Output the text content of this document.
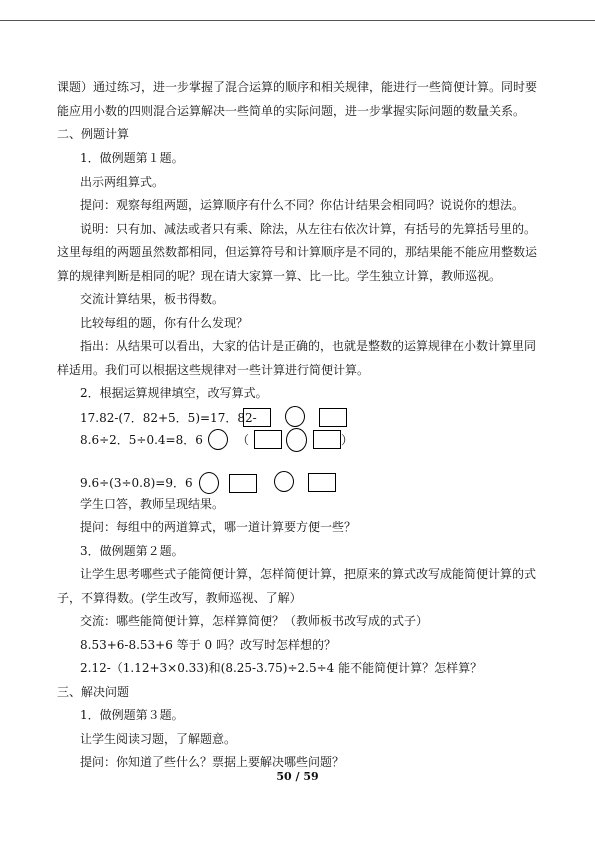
课题）通过练习，进一步掌握了混合运算的顺序和相关规律，能进行一些简便计算。同时要
能应用小数的四则混合运算解决一些简单的实际问题，进一步掌握实际问题的数量关系。
二、例题计算
1．做例题第１题。
出示两组算式。
提问：观察每组两题，运算顺序有什么不同？你估计结果会相同吗？说说你的想法。
说明：只有加、减法或者只有乘、除法，从左往右依次计算，有括号的先算括号里的。
这里每组的两题虽然数都相同，但运算符号和计算顺序是不同的，那结果能不能应用整数运
算的规律判断是相同的呢？现在请大家算一算、比一比。学生独立计算，教师巡视。
交流计算结果，板书得数。
比较每组的题，你有什么发现？
指出：从结果可以看出，大家的估计是正确的，也就是整数的运算规律在小数计算里同
样适用。我们可以根据这些规律对一些计算进行简便计算。
2．根据运算规律填空，改写算式。
17.82-(7．82+5．5)=17．82-
8.6÷2．5÷0.4=8．6	（	）
9.6÷(3÷0.8)=9．6
学生口答，教师呈现结果。
提问：每组中的两道算式，哪一道计算要方便一些？
3．做例题第２题。
让学生思考哪些式子能简便计算，怎样简便计算，把原来的算式改写成能简便计算的式
子，不算得数。(学生改写，教师巡视、了解）
交流：哪些能简便计算，怎样算简便？（教师板书改写成的式子）
8.53+6-8.53+6 等于 0 吗？改写时怎样想的？
2.12-（1.12+3×0.33)和(8.25-3.75)÷2.5÷4 能不能简便计算？怎样算？
三、解决问题
1．做例题第３题。
让学生阅读习题，了解题意。
提问：你知道了些什么？票据上要解决哪些问题？
50 / 59
